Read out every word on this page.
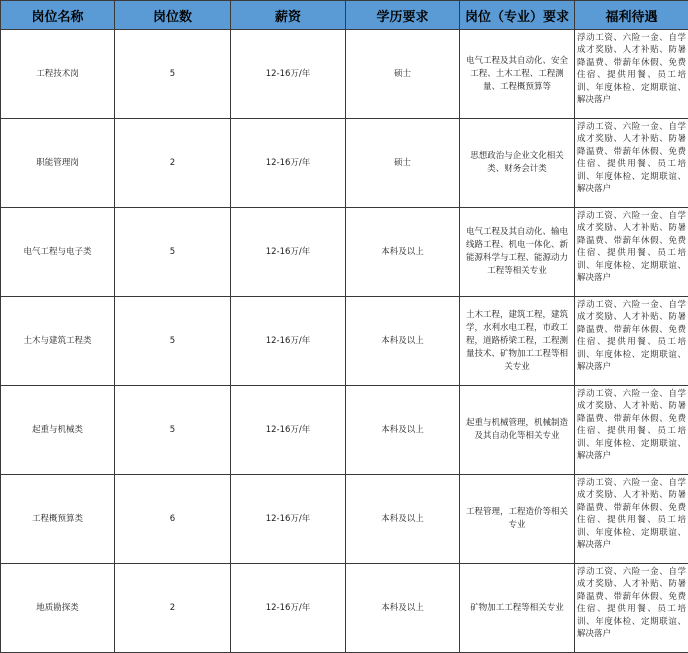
岗位名称	岗位数	薪资	学历要求	岗位（专业）要求	福利待遇
工程技术岗	5	12-16万/年	硕士	电气工程及其自动化、安全工程、土木工程、工程测量、工程概预算等	浮动工资、六险一金、自学成才奖励、人才补贴、防暑降温费、带薪年休假、免费住宿、提供用餐、员工培训、年度体检、定期联谊、解决落户
职能管理岗	2	12-16万/年	硕士	思想政治与企业文化相关类、财务会计类	浮动工资、六险一金、自学成才奖励、人才补贴、防暑降温费、带薪年休假、免费住宿、提供用餐、员工培训、年度体检、定期联谊、解决落户
电气工程与电子类	5	12-16万/年	本科及以上	电气工程及其自动化、输电线路工程、机电一体化、新能源科学与工程、能源动力工程等相关专业	浮动工资、六险一金、自学成才奖励、人才补贴、防暑降温费、带薪年休假、免费住宿、提供用餐、员工培训、年度体检、定期联谊、解决落户
土木与建筑工程类	5	12-16万/年	本科及以上	土木工程，建筑工程，建筑学，水利水电工程，市政工程，道路桥梁工程，工程测量技术、矿物加工工程等相关专业	浮动工资、六险一金、自学成才奖励、人才补贴、防暑降温费、带薪年休假、免费住宿、提供用餐、员工培训、年度体检、定期联谊、解决落户
起重与机械类	5	12-16万/年	本科及以上	起重与机械管理，机械制造及其自动化等相关专业	浮动工资、六险一金、自学成才奖励、人才补贴、防暑降温费、带薪年休假、免费住宿、提供用餐、员工培训、年度体检、定期联谊、解决落户
工程概预算类	6	12-16万/年	本科及以上	工程管理，工程造价等相关专业	浮动工资、六险一金、自学成才奖励、人才补贴、防暑降温费、带薪年休假、免费住宿、提供用餐、员工培训、年度体检、定期联谊、解决落户
地质勘探类	2	12-16万/年	本科及以上	矿物加工工程等相关专业	浮动工资、六险一金、自学成才奖励、人才补贴、防暑降温费、带薪年休假、免费住宿、提供用餐、员工培训、年度体检、定期联谊、解决落户
